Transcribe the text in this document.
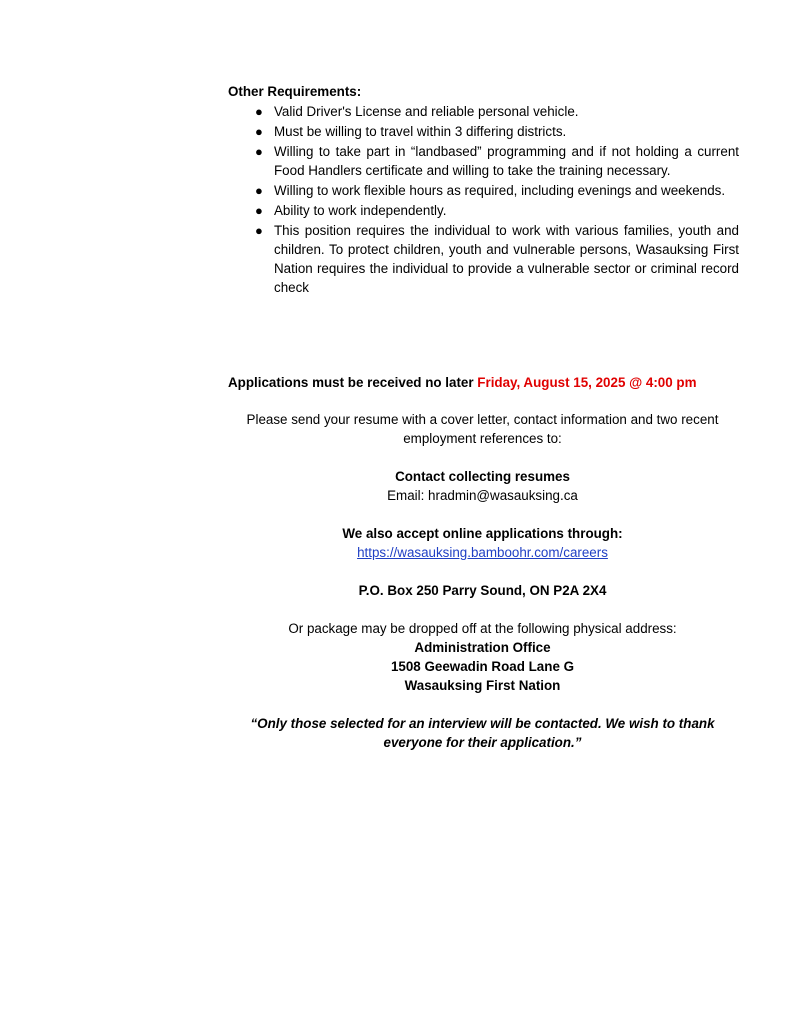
Other Requirements:
● Valid Driver's License and reliable personal vehicle.
● Must be willing to travel within 3 differing districts.
● Willing to take part in “landbased” programming and if not holding a current Food Handlers certificate and willing to take the training necessary.
● Willing to work flexible hours as required, including evenings and weekends.
● Ability to work independently.
● This position requires the individual to work with various families, youth and children. To protect children, youth and vulnerable persons, Wasauksing First Nation requires the individual to provide a vulnerable sector or criminal record check
Applications must be received no later Friday, August 15, 2025 @ 4:00 pm
Please send your resume with a cover letter, contact information and two recent employment references to:
Contact collecting resumes
Email: hradmin@wasauksing.ca
We also accept online applications through:
https://wasauksing.bamboohr.com/careers
P.O. Box 250 Parry Sound, ON P2A 2X4
Or package may be dropped off at the following physical address:
Administration Office
1508 Geewadin Road Lane G
Wasauksing First Nation
“Only those selected for an interview will be contacted. We wish to thank everyone for their application.”
